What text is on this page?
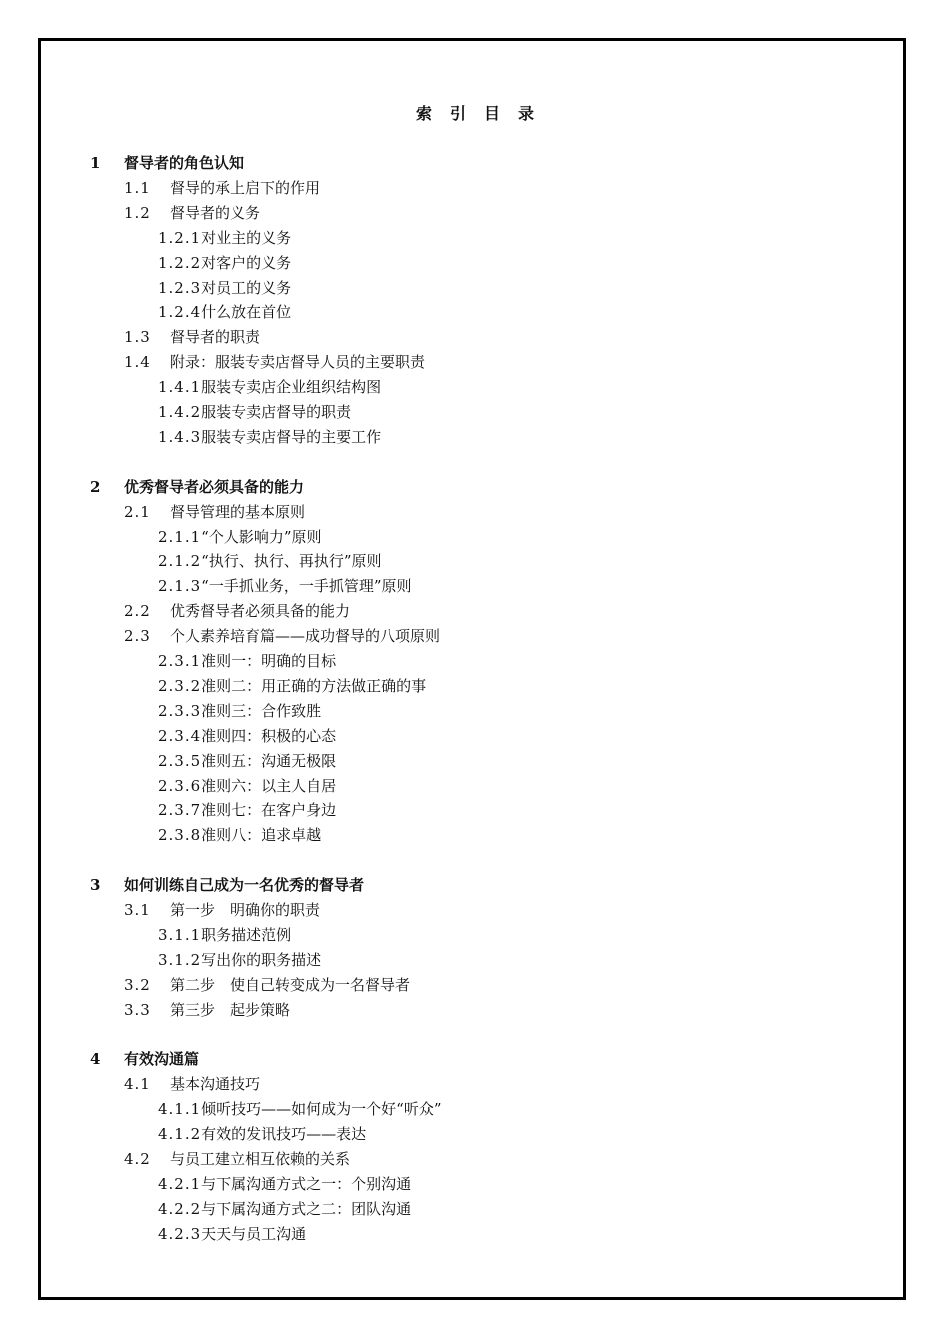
索引目录
1 督导者的角色认知
1.1 督导的承上启下的作用
1.2 督导者的义务
1.2.1对业主的义务
1.2.2对客户的义务
1.2.3对员工的义务
1.2.4什么放在首位
1.3 督导者的职责
1.4 附录：服装专卖店督导人员的主要职责
1.4.1服装专卖店企业组织结构图
1.4.2服装专卖店督导的职责
1.4.3服装专卖店督导的主要工作
2 优秀督导者必须具备的能力
2.1 督导管理的基本原则
2.1.1“个人影响力”原则
2.1.2“执行、执行、再执行”原则
2.1.3“一手抓业务，一手抓管理”原则
2.2 优秀督导者必须具备的能力
2.3 个人素养培育篇——成功督导的八项原则
2.3.1准则一：明确的目标
2.3.2准则二：用正确的方法做正确的事
2.3.3准则三：合作致胜
2.3.4准则四：积极的心态
2.3.5准则五：沟通无极限
2.3.6准则六：以主人自居
2.3.7准则七：在客户身边
2.3.8准则八：追求卓越
3 如何训练自己成为一名优秀的督导者
3.1 第一步　明确你的职责
3.1.1职务描述范例
3.1.2写出你的职务描述
3.2 第二步　使自己转变成为一名督导者
3.3 第三步　起步策略
4 有效沟通篇
4.1 基本沟通技巧
4.1.1倾听技巧——如何成为一个好“听众”
4.1.2有效的发讯技巧——表达
4.2 与员工建立相互依赖的关系
4.2.1与下属沟通方式之一：个别沟通
4.2.2与下属沟通方式之二：团队沟通
4.2.3天天与员工沟通
